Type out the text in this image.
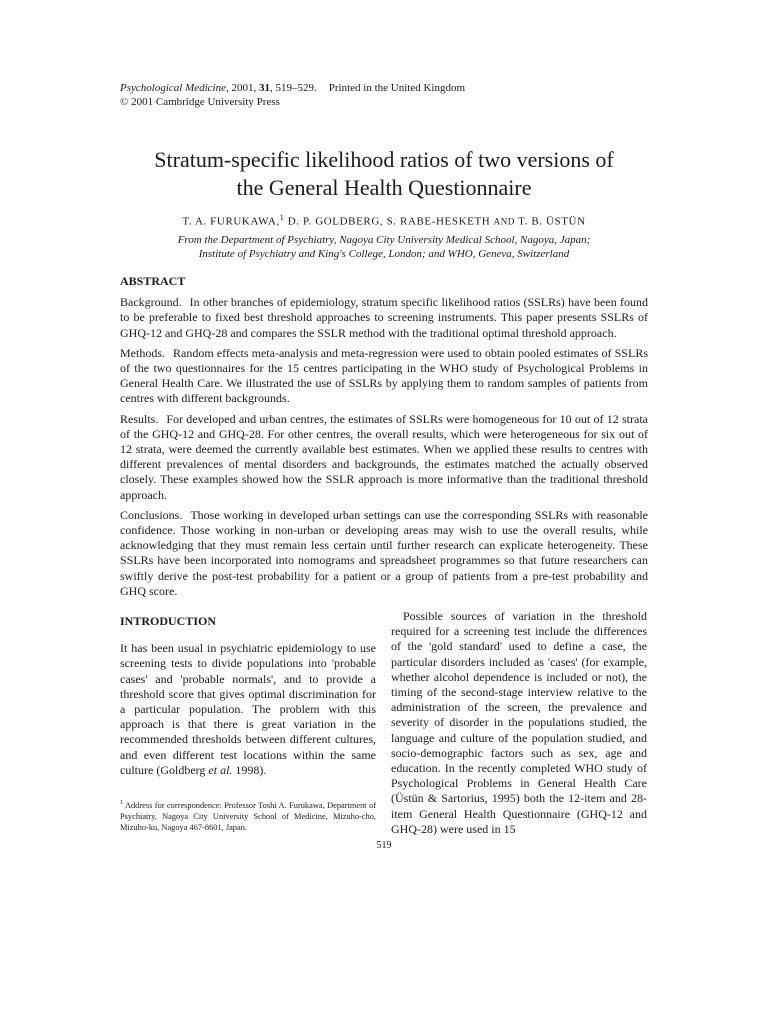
Psychological Medicine, 2001, 31, 519–529. Printed in the United Kingdom
© 2001 Cambridge University Press
Stratum-specific likelihood ratios of two versions of
the General Health Questionnaire
T. A. FURUKAWA,$^1$ D. P. GOLDBERG, S. RABE-HESKETH AND T. B. ÜSTÜN
From the Department of Psychiatry, Nagoya City University Medical School, Nagoya, Japan;
Institute of Psychiatry and King's College, London; and WHO, Geneva, Switzerland
ABSTRACT

Background. In other branches of epidemiology, stratum specific likelihood ratios (SSLRs) have been found to be preferable to fixed best threshold approaches to screening instruments. This paper presents SSLRs of GHQ-12 and GHQ-28 and compares the SSLR method with the traditional optimal threshold approach.

Methods. Random effects meta-analysis and meta-regression were used to obtain pooled estimates of SSLRs of the two questionnaires for the 15 centres participating in the WHO study of Psychological Problems in General Health Care. We illustrated the use of SSLRs by applying them to random samples of patients from centres with different backgrounds.

Results. For developed and urban centres, the estimates of SSLRs were homogeneous for 10 out of 12 strata of the GHQ-12 and GHQ-28. For other centres, the overall results, which were heterogeneous for six out of 12 strata, were deemed the currently available best estimates. When we applied these results to centres with different prevalences of mental disorders and backgrounds, the estimates matched the actually observed closely. These examples showed how the SSLR approach is more informative than the traditional threshold approach.

Conclusions. Those working in developed urban settings can use the corresponding SSLRs with reasonable confidence. Those working in non-urban or developing areas may wish to use the overall results, while acknowledging that they must remain less certain until further research can explicate heterogeneity. These SSLRs have been incorporated into nomograms and spreadsheet programmes so that future researchers can swiftly derive the post-test probability for a patient or a group of patients from a pre-test probability and GHQ score.

INTRODUCTION

It has been usual in psychiatric epidemiology to use screening tests to divide populations into 'probable cases' and 'probable normals', and to provide a threshold score that gives optimal discrimination for a particular population. The problem with this approach is that there is great variation in the recommended thresholds between different cultures, and even different test locations within the same culture (Goldberg et al. 1998).

$^1$ Address for correspondence: Professor Toshi A. Furukawa, Department of Psychiatry, Nagoya City University School of Medicine, Mizuho-cho, Mizuho-ku, Nagoya 467-8601, Japan.

Possible sources of variation in the threshold required for a screening test include the differences of the 'gold standard' used to define a case, the particular disorders included as 'cases' (for example, whether alcohol dependence is included or not), the timing of the second-stage interview relative to the administration of the screen, the prevalence and severity of disorder in the populations studied, the language and culture of the population studied, and socio-demographic factors such as sex, age and education. In the recently completed WHO study of Psychological Problems in General Health Care (Üstün & Sartorius, 1995) both the 12-item and 28-item General Health Questionnaire (GHQ-12 and GHQ-28) were used in 15

519
